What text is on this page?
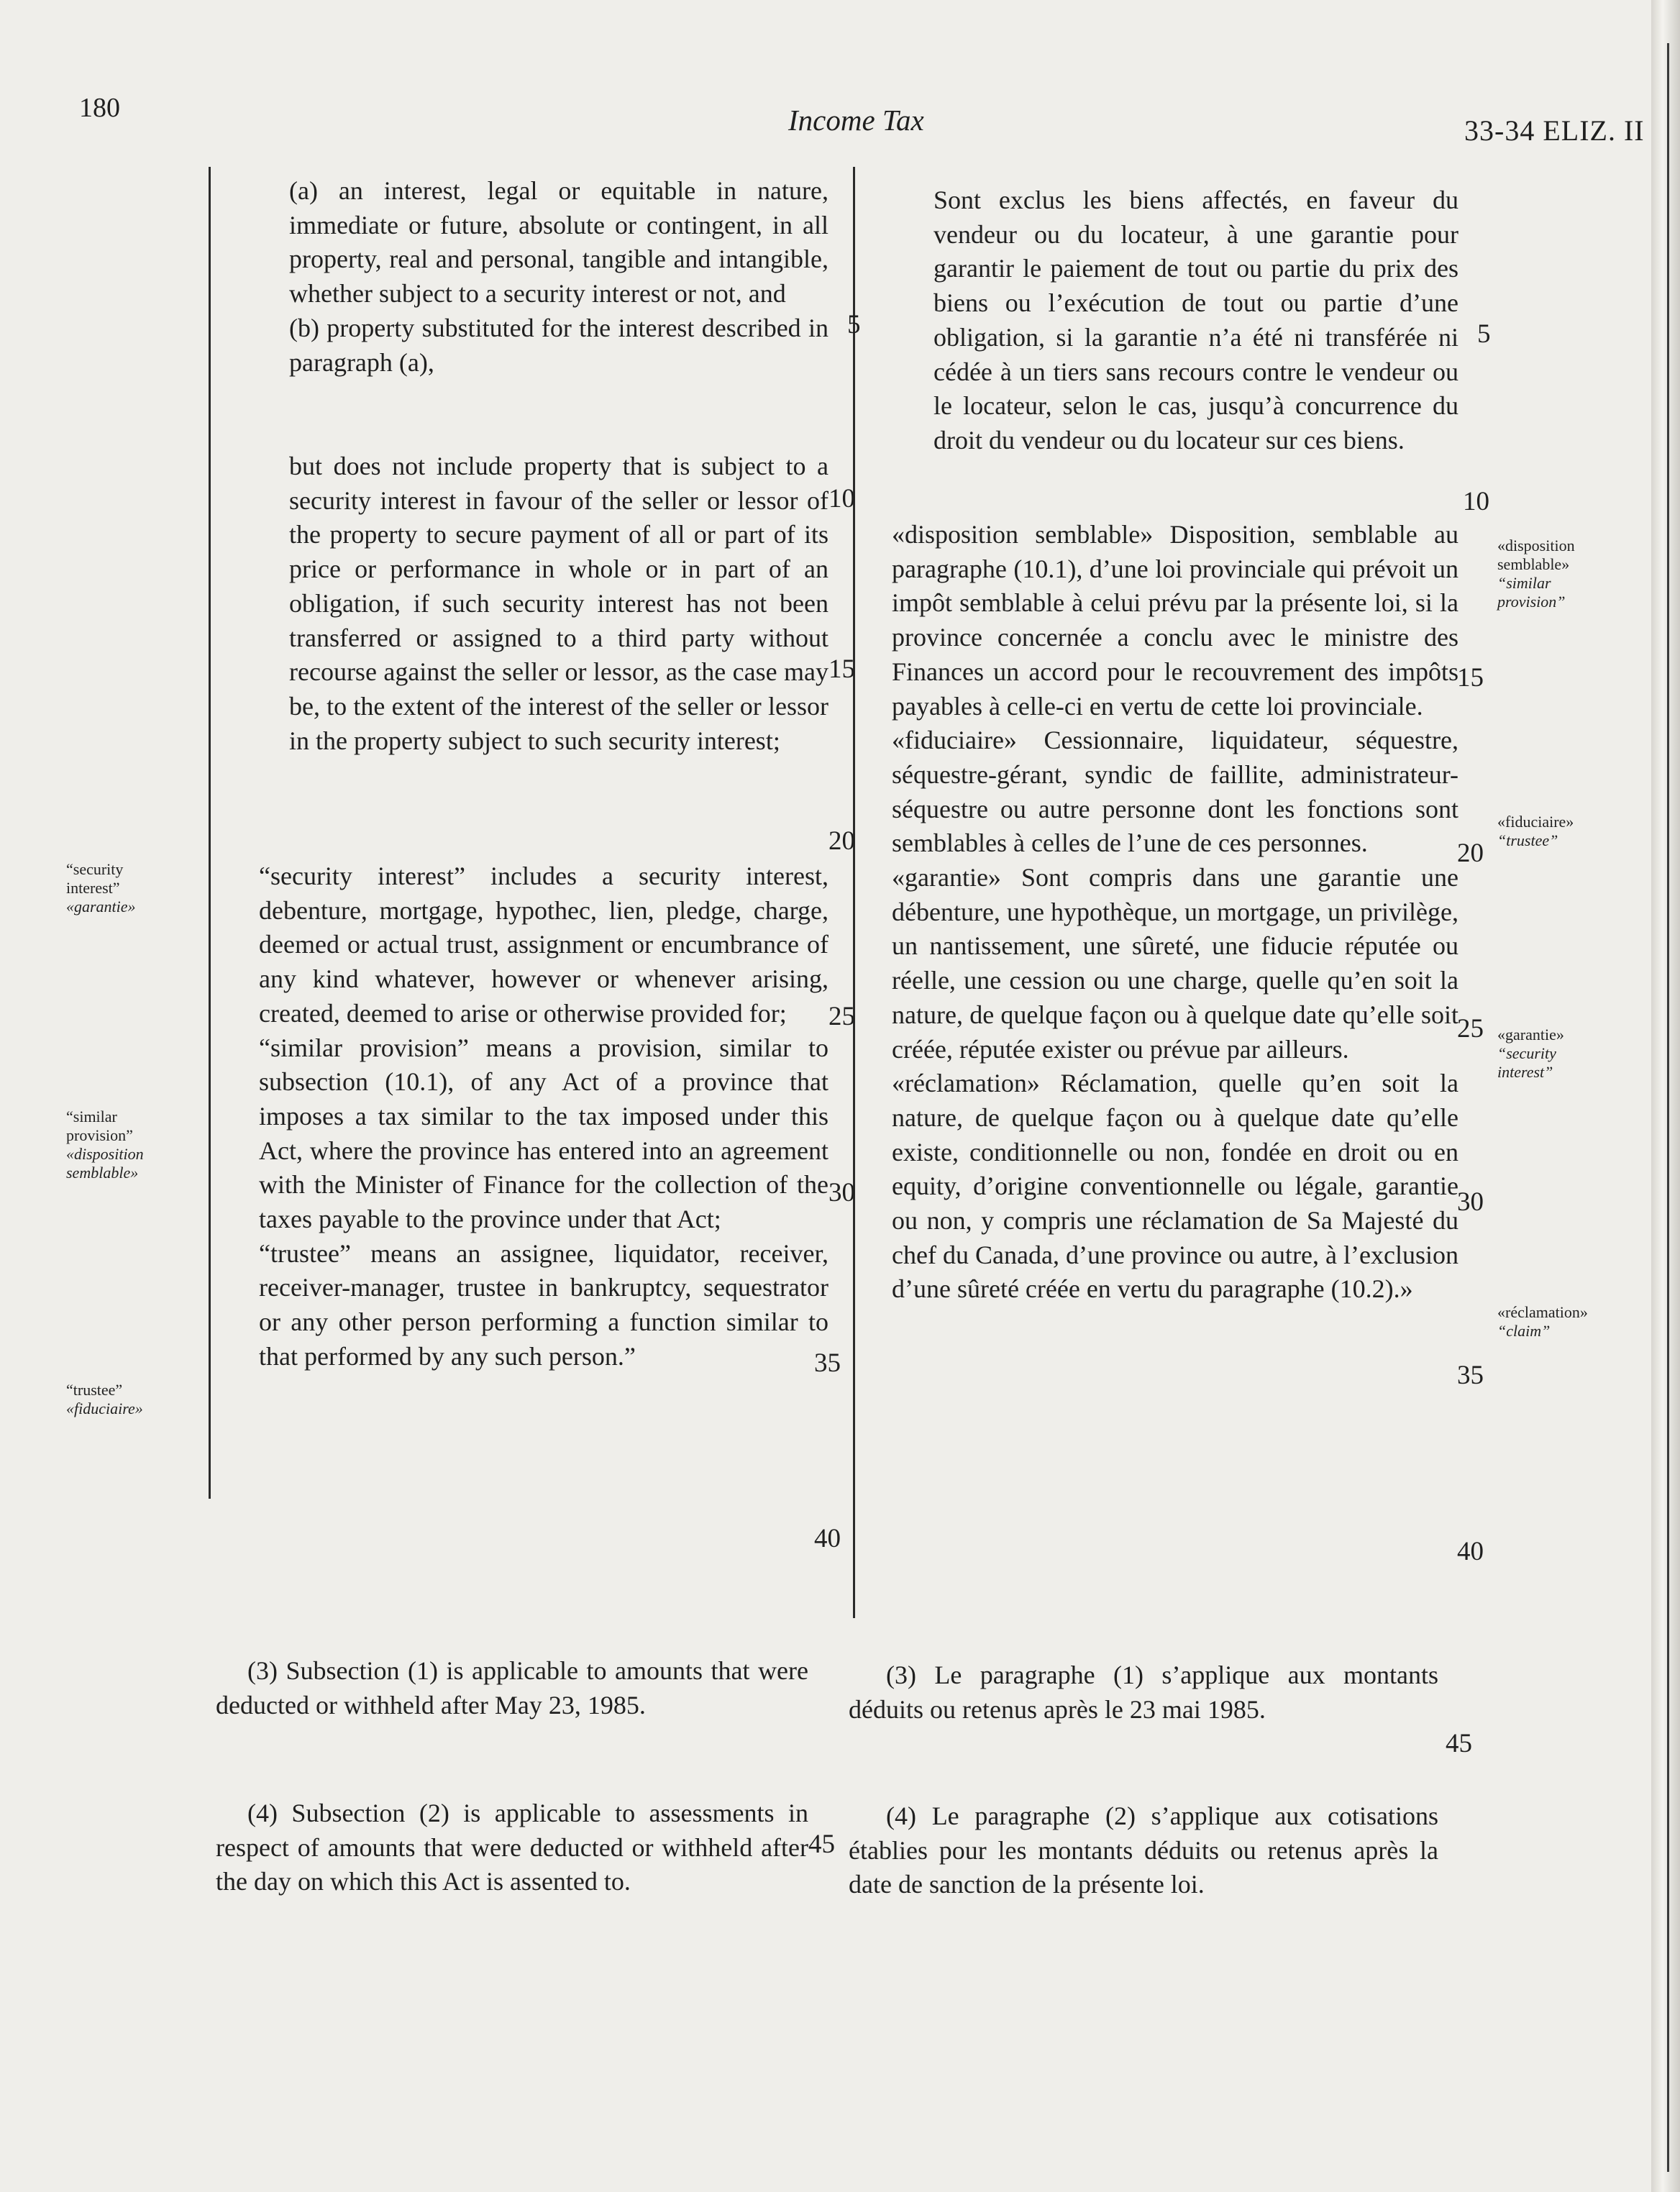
180	Income Tax	33-34 ELIZ. II

(a) an interest, legal or equitable in nature, immediate or future, absolute or contingent, in all property, real and personal, tangible and intangible, whether subject to a security interest or not, and

(b) property substituted for the interest described in paragraph (a),

but does not include property that is subject to a security interest in favour of the seller or lessor of the property to secure payment of all or part of its price or performance in whole or in part of an obligation, if such security interest has not been transferred or assigned to a third party without recourse against the seller or lessor, as the case may be, to the extent of the interest of the seller or lessor in the property subject to such security interest;

“security interest” includes a security interest, debenture, mortgage, hypothec, lien, pledge, charge, deemed or actual trust, assignment or encumbrance of any kind whatever, however or whenever arising, created, deemed to arise or otherwise provided for;

“similar provision” means a provision, similar to subsection (10.1), of any Act of a province that imposes a tax similar to the tax imposed under this Act, where the province has entered into an agreement with the Minister of Finance for the collection of the taxes payable to the province under that Act;

“trustee” means an assignee, liquidator, receiver, receiver-manager, trustee in bankruptcy, sequestrator or any other person performing a function similar to that performed by any such person.”

5
10
15
20
25
30
35
40
“security
interest”
«garantie»
“similar
provision”
«disposition
semblable»
“trustee”
«fiduciaire»

Sont exclus les biens affectés, en faveur du vendeur ou du locateur, à une garantie pour garantir le paiement de tout ou partie du prix des biens ou l’exécution de tout ou partie d’une obligation, si la garantie n’a été ni transférée ni cédée à un tiers sans recours contre le vendeur ou le locateur, selon le cas, jusqu’à concurrence du droit du vendeur ou du locateur sur ces biens.

«disposition semblable» Disposition, semblable au paragraphe (10.1), d’une loi provinciale qui prévoit un impôt semblable à celui prévu par la présente loi, si la province concernée a conclu avec le ministre des Finances un accord pour le recouvrement des impôts payables à celle-ci en vertu de cette loi provinciale.

«fiduciaire» Cessionnaire, liquidateur, séquestre, séquestre-gérant, syndic de faillite, administrateur-séquestre ou autre personne dont les fonctions sont semblables à celles de l’une de ces personnes.

«garantie» Sont compris dans une garantie une débenture, une hypothèque, un mortgage, un privilège, un nantissement, une sûreté, une fiducie réputée ou réelle, une cession ou une charge, quelle qu’en soit la nature, de quelque façon ou à quelque date qu’elle soit créée, réputée exister ou prévue par ailleurs.

«réclamation» Réclamation, quelle qu’en soit la nature, de quelque façon ou à quelque date qu’elle existe, conditionnelle ou non, fondée en droit ou en equity, d’origine conventionnelle ou légale, garantie ou non, y compris une réclamation de Sa Majesté du chef du Canada, d’une province ou autre, à l’exclusion d’une sûreté créée en vertu du paragraphe (10.2).»

5
10
15
20
25
30
35
40
«disposition
semblable»
“similar
provision”
«fiduciaire»
“trustee”
«garantie»
“security
interest”
«réclamation»
“claim”

(3) Subsection (1) is applicable to amounts that were deducted or withheld after May 23, 1985.

(4) Subsection (2) is applicable to assessments in respect of amounts that were deducted or withheld after the day on which this Act is assented to.

45

(3) Le paragraphe (1) s’applique aux montants déduits ou retenus après le 23 mai 1985.

45

(4) Le paragraphe (2) s’applique aux cotisations établies pour les montants déduits ou retenus après la date de sanction de la présente loi.
